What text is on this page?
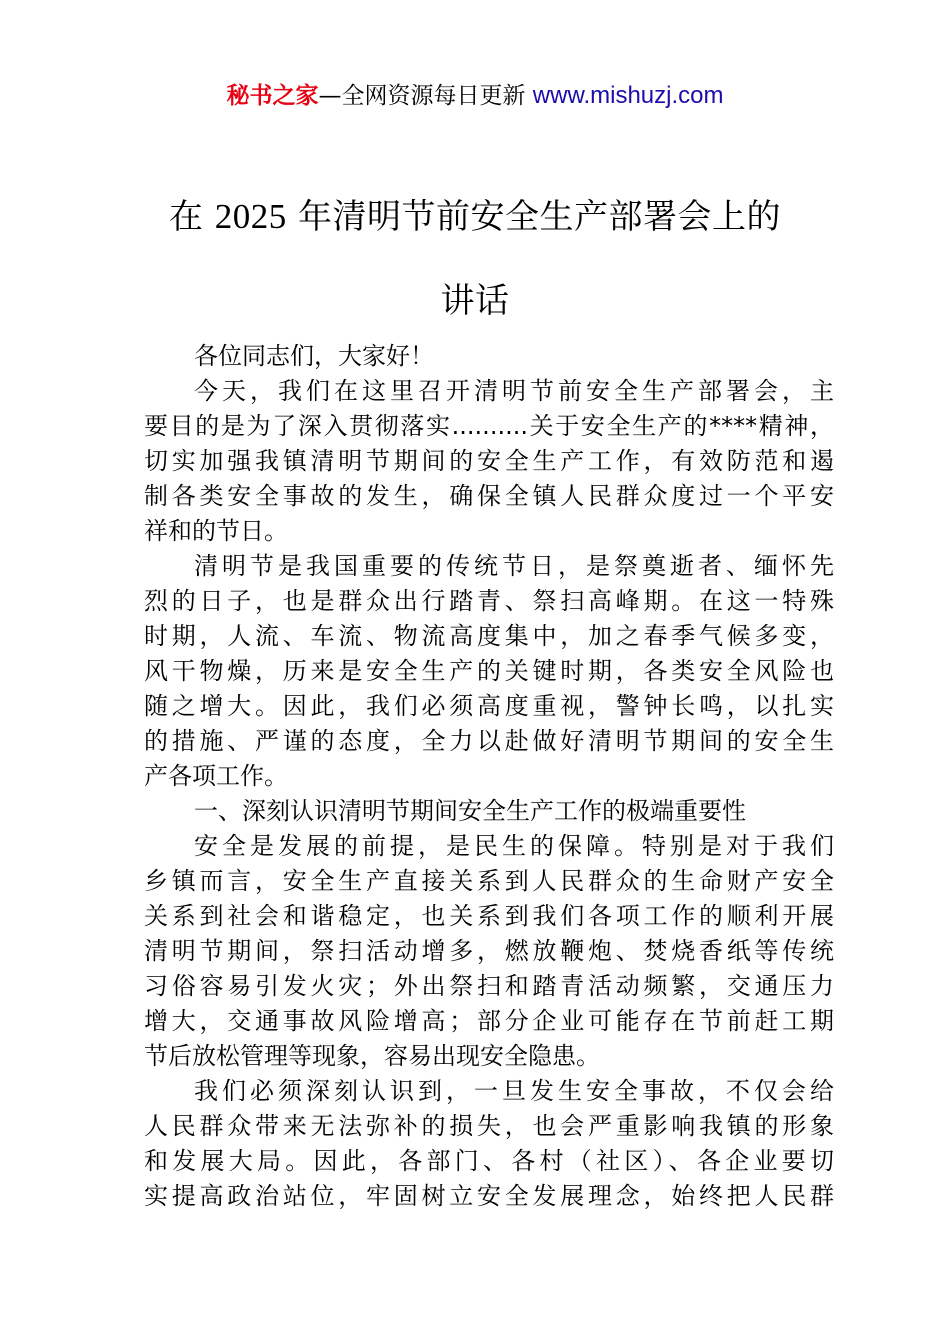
秘书之家—全网资源每日更新 www.mishuzj.com
在 2025 年清明节前安全生产部署会上的
讲话
各位同志们，大家好！
今天，我们在这里召开清明节前安全生产部署会，主
要目的是为了深入贯彻落实..........关于安全生产的****精神，
切实加强我镇清明节期间的安全生产工作，有效防范和遏
制各类安全事故的发生，确保全镇人民群众度过一个平安
祥和的节日。
清明节是我国重要的传统节日，是祭奠逝者、缅怀先
烈的日子，也是群众出行踏青、祭扫高峰期。在这一特殊
时期，人流、车流、物流高度集中，加之春季气候多变，
风干物燥，历来是安全生产的关键时期，各类安全风险也
随之增大。因此，我们必须高度重视，警钟长鸣，以扎实
的措施、严谨的态度，全力以赴做好清明节期间的安全生
产各项工作。
一、深刻认识清明节期间安全生产工作的极端重要性
安全是发展的前提，是民生的保障。特别是对于我们
乡镇而言，安全生产直接关系到人民群众的生命财产安全
关系到社会和谐稳定，也关系到我们各项工作的顺利开展
清明节期间，祭扫活动增多，燃放鞭炮、焚烧香纸等传统
习俗容易引发火灾；外出祭扫和踏青活动频繁，交通压力
增大，交通事故风险增高；部分企业可能存在节前赶工期
节后放松管理等现象，容易出现安全隐患。
我们必须深刻认识到，一旦发生安全事故，不仅会给
人民群众带来无法弥补的损失，也会严重影响我镇的形象
和发展大局。因此，各部门、各村（社区）、各企业要切
实提高政治站位，牢固树立安全发展理念，始终把人民群
